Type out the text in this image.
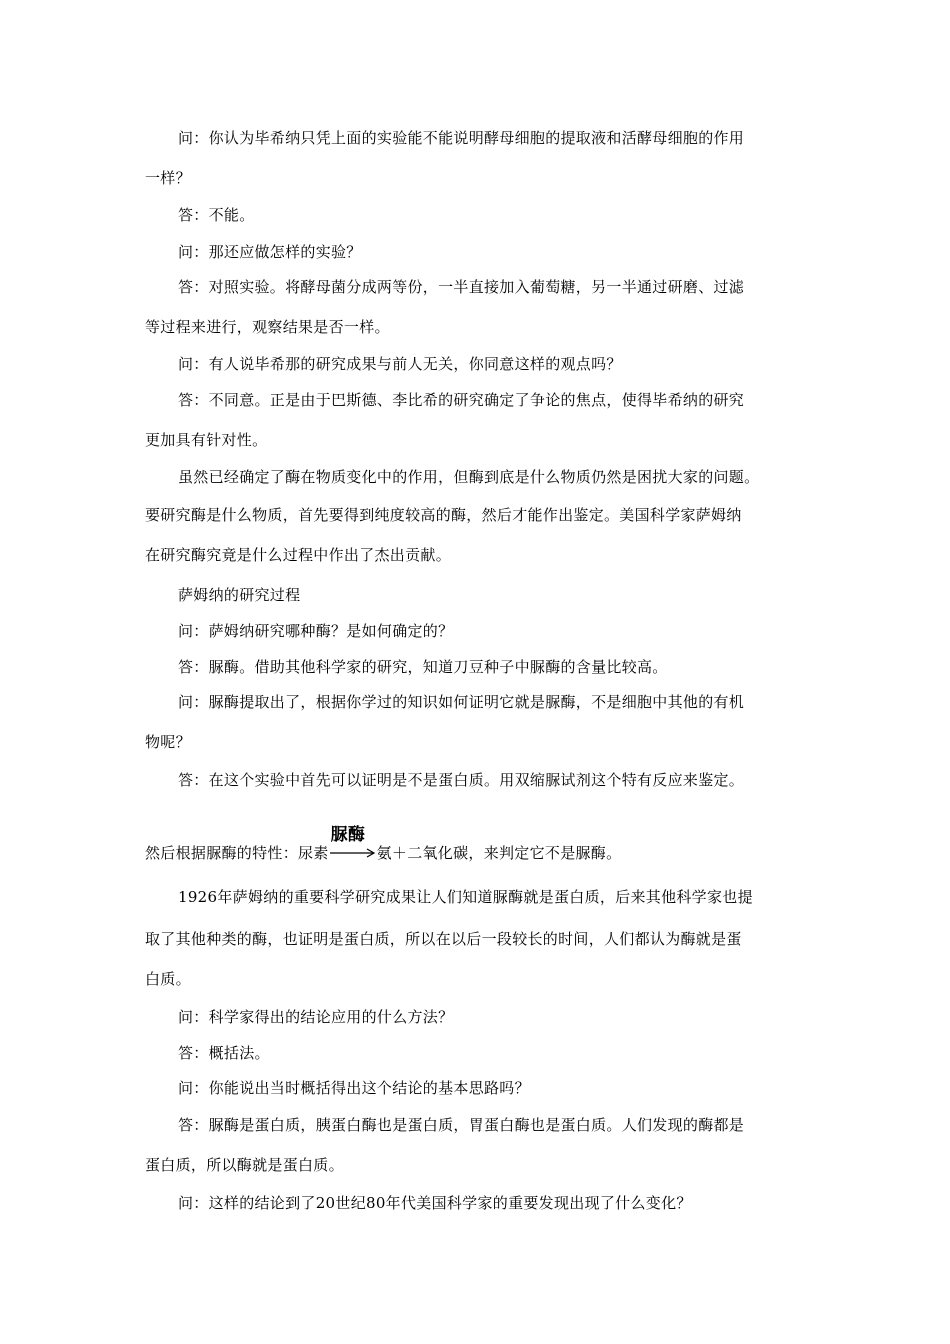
问：你认为毕希纳只凭上面的实验能不能说明酵母细胞的提取液和活酵母细胞的作用
一样？
答：不能。
问：那还应做怎样的实验？
答：对照实验。将酵母菌分成两等份，一半直接加入葡萄糖，另一半通过研磨、过滤
等过程来进行，观察结果是否一样。
问：有人说毕希那的研究成果与前人无关，你同意这样的观点吗？
答：不同意。正是由于巴斯德、李比希的研究确定了争论的焦点，使得毕希纳的研究
更加具有针对性。
虽然已经确定了酶在物质变化中的作用，但酶到底是什么物质仍然是困扰大家的问题。
要研究酶是什么物质，首先要得到纯度较高的酶，然后才能作出鉴定。美国科学家萨姆纳
在研究酶究竟是什么过程中作出了杰出贡献。
萨姆纳的研究过程
问：萨姆纳研究哪种酶？是如何确定的？
答：脲酶。借助其他科学家的研究，知道刀豆种子中脲酶的含量比较高。
问：脲酶提取出了，根据你学过的知识如何证明它就是脲酶，不是细胞中其他的有机
物呢？
答：在这个实验中首先可以证明是不是蛋白质。用双缩脲试剂这个特有反应来鉴定。
然后根据脲酶的特性：尿素
脲酶
氨＋二氧化碳，来判定它不是脲酶。
1926年萨姆纳的重要科学研究成果让人们知道脲酶就是蛋白质，后来其他科学家也提
取了其他种类的酶，也证明是蛋白质，所以在以后一段较长的时间，人们都认为酶就是蛋
白质。
问：科学家得出的结论应用的什么方法？
答：概括法。
问：你能说出当时概括得出这个结论的基本思路吗？
答：脲酶是蛋白质，胰蛋白酶也是蛋白质，胃蛋白酶也是蛋白质。人们发现的酶都是
蛋白质，所以酶就是蛋白质。
问：这样的结论到了20世纪80年代美国科学家的重要发现出现了什么变化？
